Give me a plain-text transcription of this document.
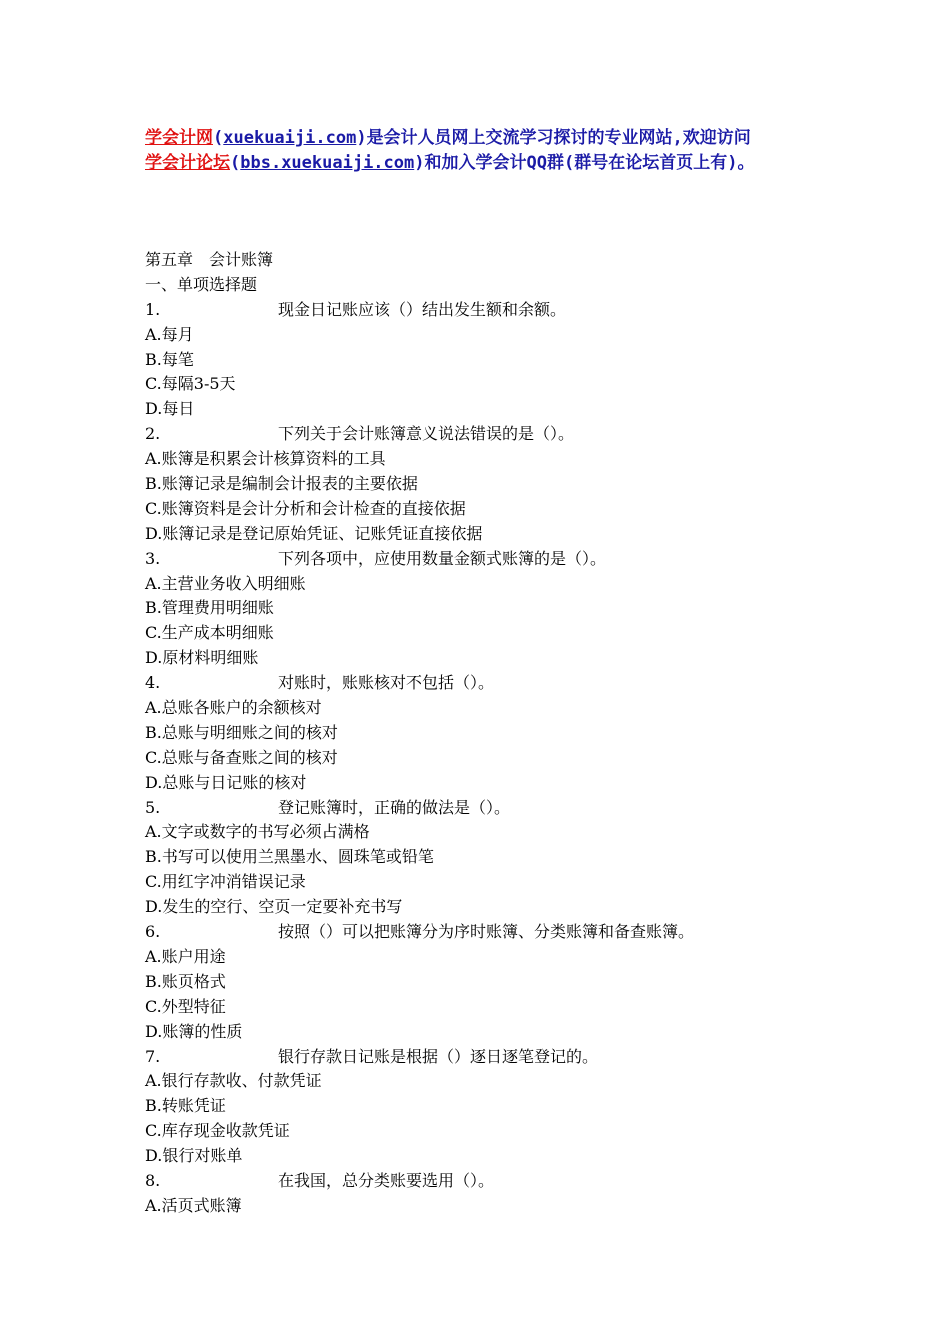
学会计网(xuekuaiji.com)是会计人员网上交流学习探讨的专业网站,欢迎访问
学会计论坛(bbs.xuekuaiji.com)和加入学会计QQ群(群号在论坛首页上有)。
第五章　会计账簿
一、单项选择题
1.	现金日记账应该（）结出发生额和余额。
A.每月
B.每笔
C.每隔3-5天
D.每日
2.	下列关于会计账簿意义说法错误的是（）。
A.账簿是积累会计核算资料的工具
B.账簿记录是编制会计报表的主要依据
C.账簿资料是会计分析和会计检查的直接依据
D.账簿记录是登记原始凭证、记账凭证直接依据
3.	下列各项中，应使用数量金额式账簿的是（）。
A.主营业务收入明细账
B.管理费用明细账
C.生产成本明细账
D.原材料明细账
4.	对账时，账账核对不包括（）。
A.总账各账户的余额核对
B.总账与明细账之间的核对
C.总账与备查账之间的核对
D.总账与日记账的核对
5.	登记账簿时，正确的做法是（）。
A.文字或数字的书写必须占满格
B.书写可以使用兰黑墨水、圆珠笔或铅笔
C.用红字冲消错误记录
D.发生的空行、空页一定要补充书写
6.	按照（）可以把账簿分为序时账簿、分类账簿和备查账簿。
A.账户用途
B.账页格式
C.外型特征
D.账簿的性质
7.	银行存款日记账是根据（）逐日逐笔登记的。
A.银行存款收、付款凭证
B.转账凭证
C.库存现金收款凭证
D.银行对账单
8.	在我国，总分类账要选用（）。
A.活页式账簿
